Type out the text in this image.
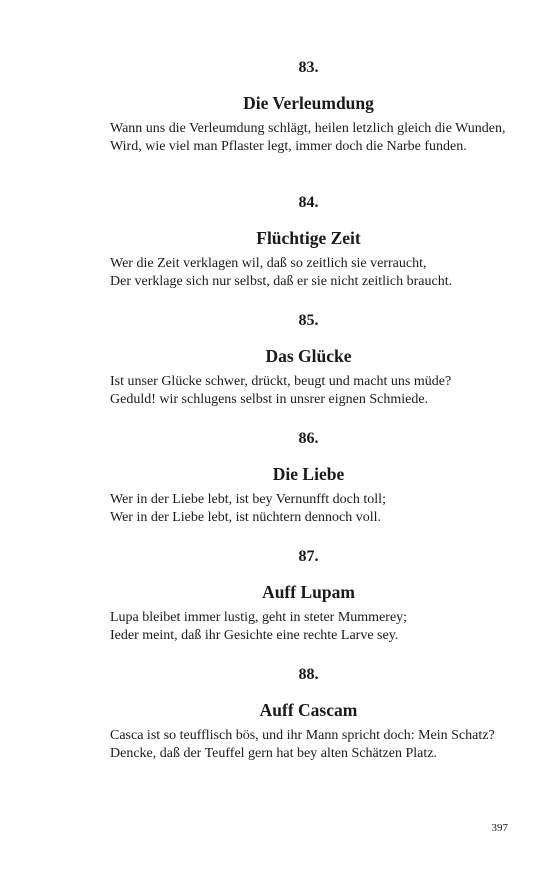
83.
Die Verleumdung

Wann uns die Verleumdung schlägt, heilen letzlich gleich die Wunden,

Wird, wie viel man Pflaster legt, immer doch die Narbe funden.

84.
Flüchtige Zeit

Wer die Zeit verklagen wil, daß so zeitlich sie verraucht,

Der verklage sich nur selbst, daß er sie nicht zeitlich braucht.

85.
Das Glücke

Ist unser Glücke schwer, drückt, beugt und macht uns müde?

Geduld! wir schlugens selbst in unsrer eignen Schmiede.

86.
Die Liebe

Wer in der Liebe lebt, ist bey Vernunfft doch toll;

Wer in der Liebe lebt, ist nüchtern dennoch voll.

87.
Auff Lupam

Lupa bleibet immer lustig, geht in steter Mummerey;

Ieder meint, daß ihr Gesichte eine rechte Larve sey.

88.
Auff Cascam

Casca ist so teufflisch bös, und ihr Mann spricht doch: Mein Schatz?

Dencke, daß der Teuffel gern hat bey alten Schätzen Platz.

397
